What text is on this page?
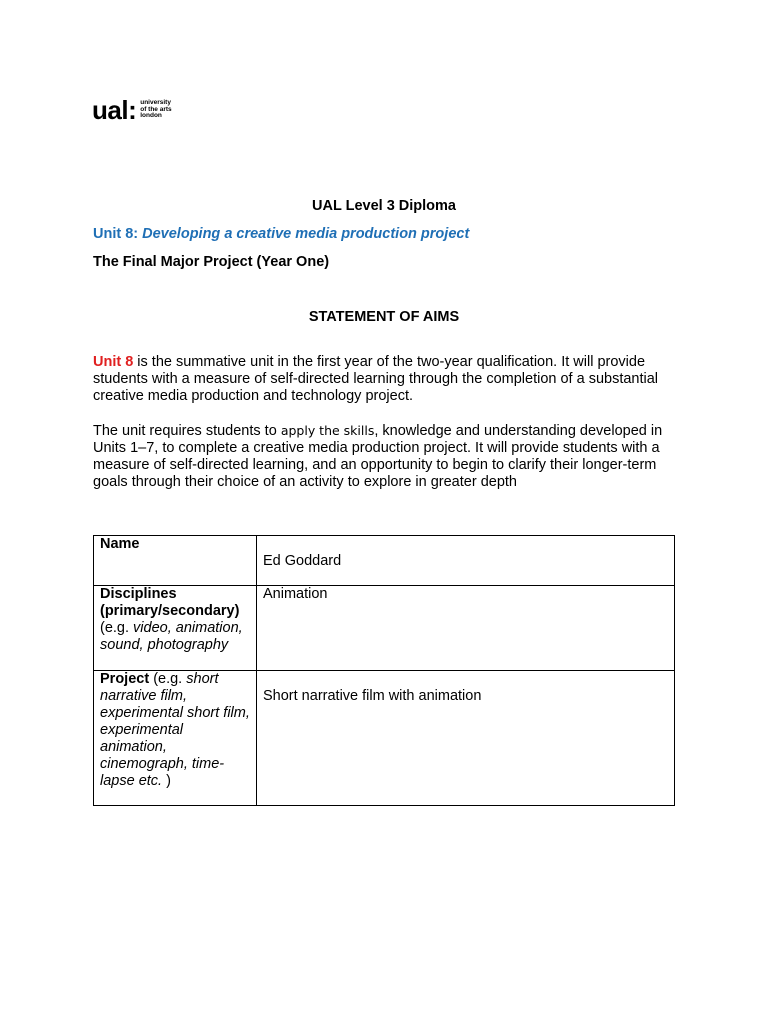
ual: university
of the arts
london
UAL Level 3 Diploma
Unit 8: Developing a creative media production project
The Final Major Project (Year One)
STATEMENT OF AIMS
Unit 8 is the summative unit in the first year of the two-year qualification. It will provide students with a measure of self-directed learning through the completion of a substantial creative media production and technology project.
The unit requires students to apply the skills, knowledge and understanding developed in Units 1–7, to complete a creative media production project. It will provide students with a measure of self-directed learning, and an opportunity to begin to clarify their longer-term goals through their choice of an activity to explore in greater depth
Name	Ed Goddard
Disciplines (primary/secondary) (e.g. video, animation, sound, photography	Animation
Project (e.g. short narrative film, experimental short film, experimental animation, cinemograph, time-lapse etc. )	Short narrative film with animation
